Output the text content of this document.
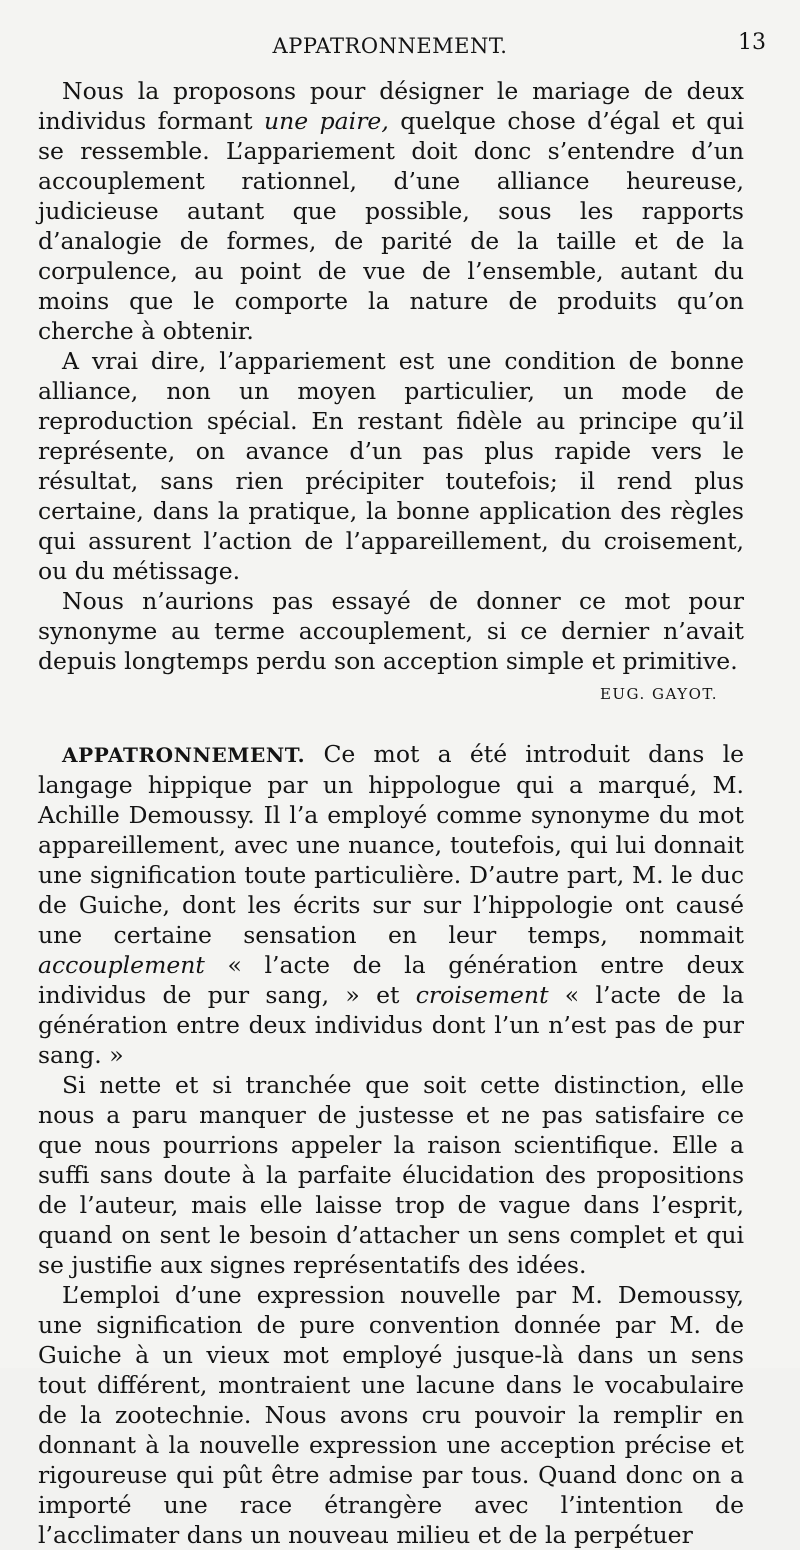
APPATRONNEMENT.	13

Nous la proposons pour désigner le mariage de deux individus formant une paire, quelque chose d’égal et qui se ressemble. L’appariement doit donc s’entendre d’un accouplement rationnel, d’une alliance heureuse, judicieuse autant que possible, sous les rapports d’analogie de formes, de parité de la taille et de la corpulence, au point de vue de l’ensemble, autant du moins que le comporte la nature de produits qu’on cherche à obtenir.

A vrai dire, l’appariement est une condition de bonne alliance, non un moyen particulier, un mode de reproduction spécial. En restant fidèle au principe qu’il représente, on avance d’un pas plus rapide vers le résultat, sans rien précipiter toutefois; il rend plus certaine, dans la pratique, la bonne application des règles qui assurent l’action de l’appareillement, du croisement, ou du métissage.

Nous n’aurions pas essayé de donner ce mot pour synonyme au terme accouplement, si ce dernier n’avait depuis longtemps perdu son acception simple et primitive.
EUG. GAYOT.

APPATRONNEMENT. Ce mot a été introduit dans le langage hippique par un hippologue qui a marqué, M. Achille Demoussy. Il l’a employé comme synonyme du mot appareillement, avec une nuance, toutefois, qui lui donnait une signification toute particulière. D’autre part, M. le duc de Guiche, dont les écrits sur sur l’hippologie ont causé une certaine sensation en leur temps, nommait accouplement « l’acte de la génération entre deux individus de pur sang, » et croisement « l’acte de la génération entre deux individus dont l’un n’est pas de pur sang. »

Si nette et si tranchée que soit cette distinction, elle nous a paru manquer de justesse et ne pas satisfaire ce que nous pourrions appeler la raison scientifique. Elle a suffi sans doute à la parfaite élucidation des propositions de l’auteur, mais elle laisse trop de vague dans l’esprit, quand on sent le besoin d’attacher un sens complet et qui se justifie aux signes représentatifs des idées.

L’emploi d’une expression nouvelle par M. Demoussy, une signification de pure convention donnée par M. de Guiche à un vieux mot employé jusque-là dans un sens tout différent, montraient une lacune dans le vocabulaire de la zootechnie. Nous avons cru pouvoir la remplir en donnant à la nouvelle expression une acception précise et rigoureuse qui pût être admise par tous. Quand donc on a importé une race étrangère avec l’intention de l’acclimater dans un nouveau milieu et de la perpétuer
